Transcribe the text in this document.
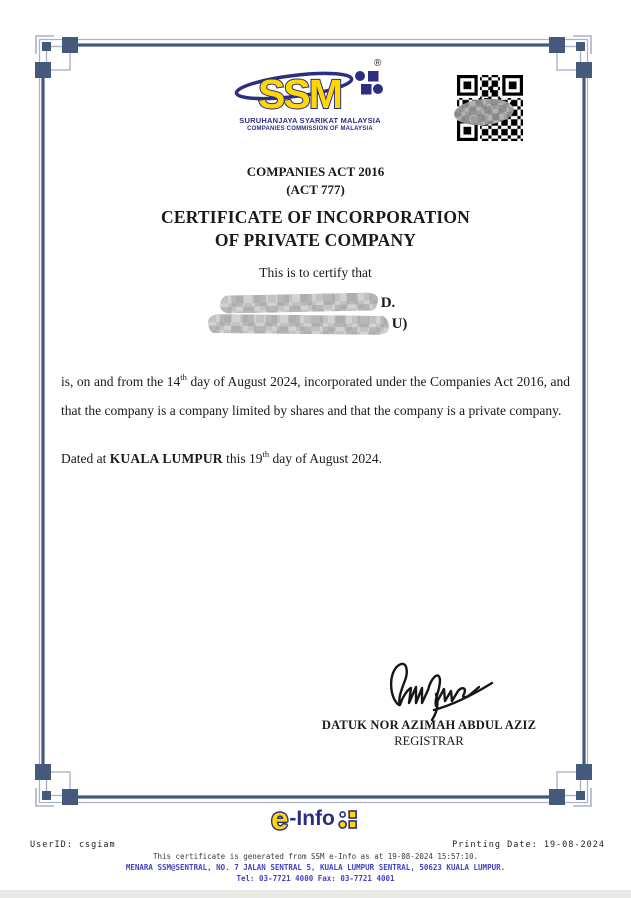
SSM
SURUHANJAYA SYARIKAT MALAYSIA
COMPANIES COMMISSION OF MALAYSIA
®
COMPANIES ACT 2016
(ACT 777)
CERTIFICATE OF INCORPORATION
OF PRIVATE COMPANY
This is to certify that
D.
U)

is, on and from the 14th day of August 2024, incorporated under the Companies Act 2016, and that the company is a company limited by shares and that the company is a private company.

Dated at KUALA LUMPUR this 19th day of August 2024.
DATUK NOR AZIMAH ABDUL AZIZ
REGISTRAR
e -Info
UserID: csgiam	Printing Date: 19-08-2024
This certificate is generated from SSM e-Info as at 19-08-2024 15:57:10.
MENARA SSM@SENTRAL, NO. 7 JALAN SENTRAL 5, KUALA LUMPUR SENTRAL, 50623 KUALA LUMPUR.
Tel: 03-7721 4000 Fax: 03-7721 4001
